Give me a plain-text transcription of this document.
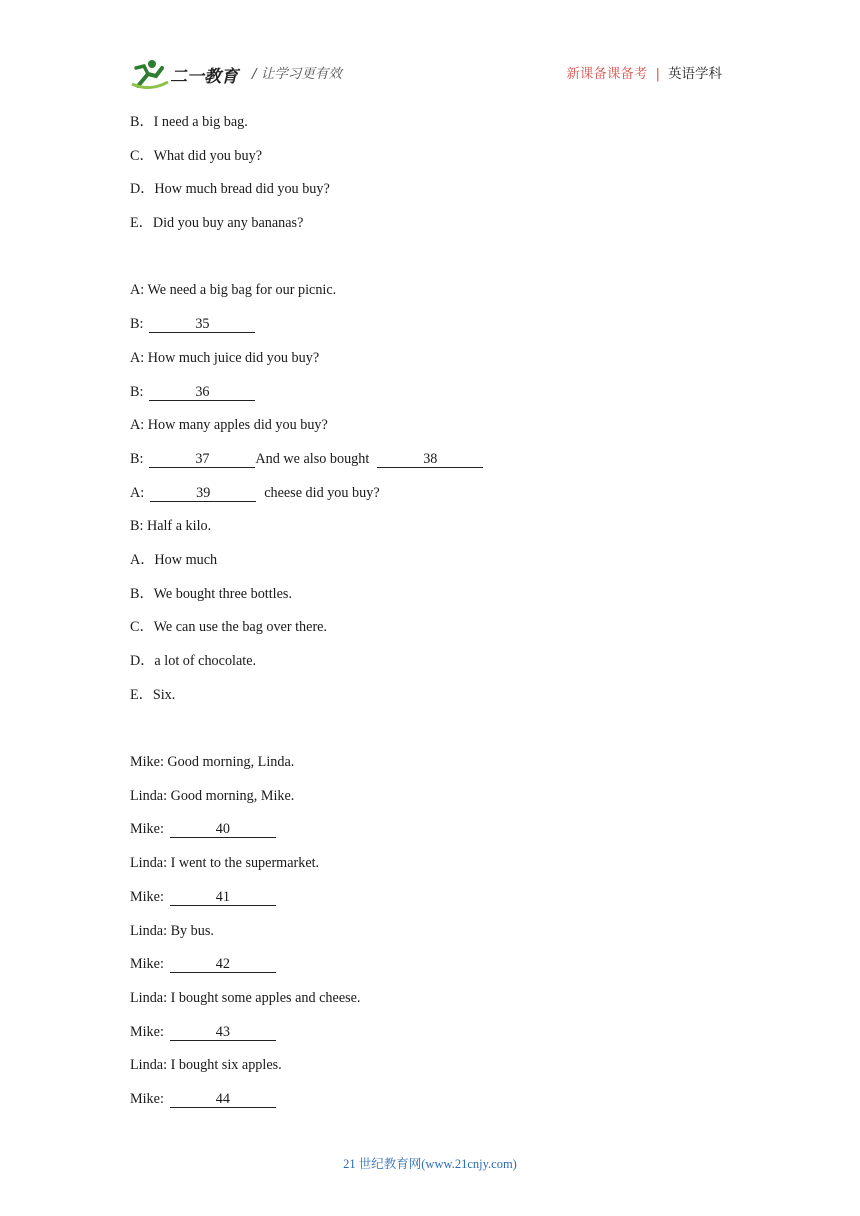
二一教育 / 让学习更有效	新课备课备考 | 英语学科
B．I need a big bag.
C．What did you buy?
D．How much bread did you buy?
E．Did you buy any bananas?
A: We need a big bag for our picnic.
B:	35
A: How much juice did you buy?
B:	36
A: How many apples did you buy?
B:	37	And we also bought	38
A:	39	cheese did you buy?
B: Half a kilo.
A．How much
B．We bought three bottles.
C．We can use the bag over there.
D．a lot of chocolate.
E．Six.
Mike: Good morning, Linda.
Linda: Good morning, Mike.
Mike:	40
Linda: I went to the supermarket.
Mike:	41
Linda: By bus.
Mike:	42
Linda: I bought some apples and cheese.
Mike:	43
Linda: I bought six apples.
Mike:	44
21 世纪教育网(www.21cnjy.com)
